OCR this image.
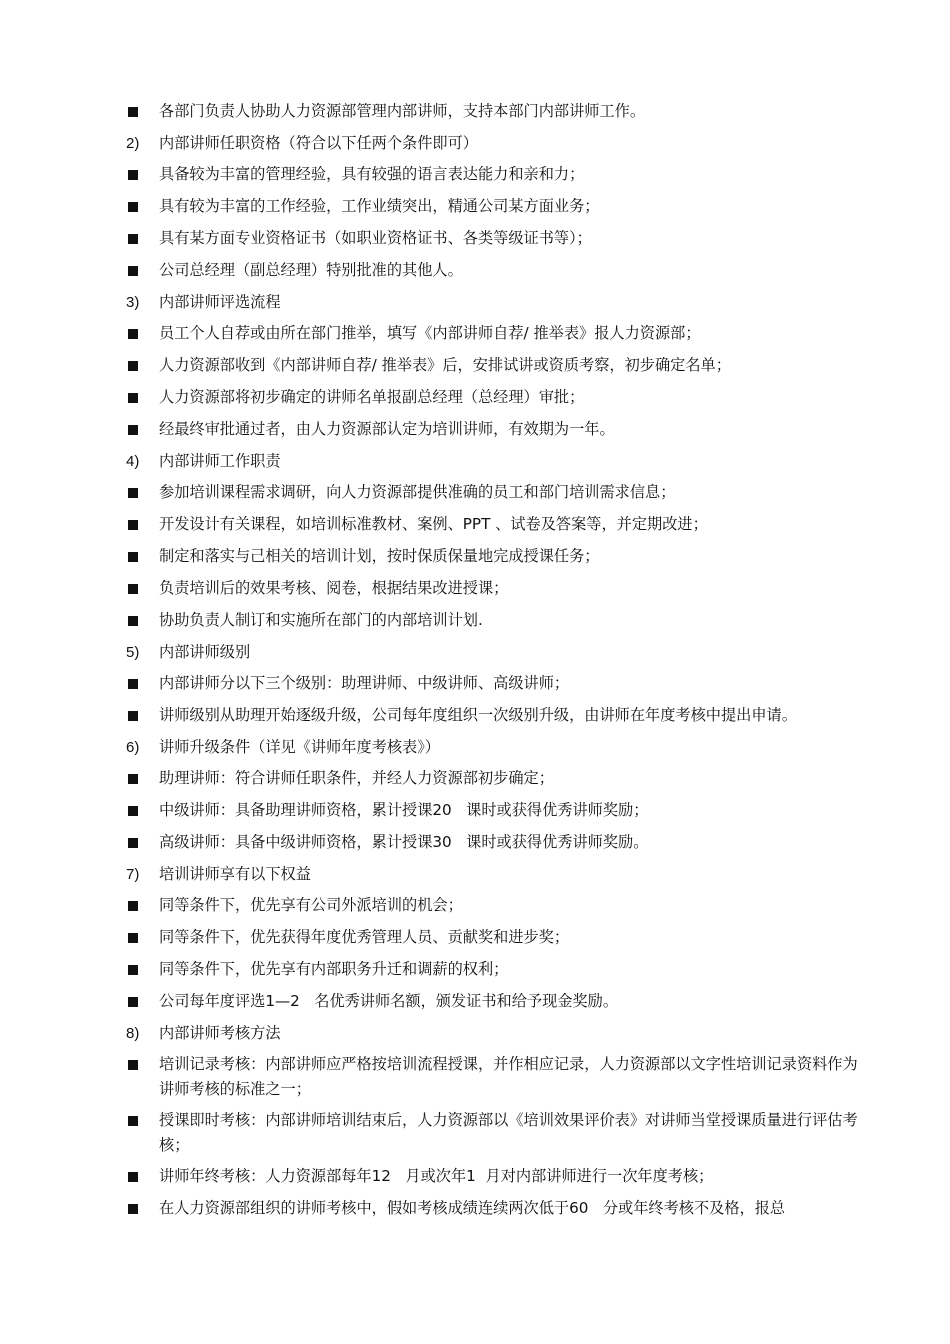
各部门负责人协助人力资源部管理内部讲师，支持本部门内部讲师工作。
2)	内部讲师任职资格（符合以下任两个条件即可）
具备较为丰富的管理经验，具有较强的语言表达能力和亲和力；
具有较为丰富的工作经验，工作业绩突出，精通公司某方面业务；
具有某方面专业资格证书（如职业资格证书、各类等级证书等）；
公司总经理（副总经理）特别批准的其他人。
3)	内部讲师评选流程
员工个人自荐或由所在部门推举，填写《内部讲师自荐/ 推举表》报人力资源部；
人力资源部收到《内部讲师自荐/ 推举表》后，安排试讲或资质考察，初步确定名单；
人力资源部将初步确定的讲师名单报副总经理（总经理）审批；
经最终审批通过者，由人力资源部认定为培训讲师，有效期为一年。
4)	内部讲师工作职责
参加培训课程需求调研，向人力资源部提供准确的员工和部门培训需求信息；
开发设计有关课程，如培训标准教材、案例、PPT 、试卷及答案等，并定期改进；
制定和落实与己相关的培训计划，按时保质保量地完成授课任务；
负责培训后的效果考核、阅卷，根据结果改进授课；
协助负责人制订和实施所在部门的内部培训计划.
5)	内部讲师级别
内部讲师分以下三个级别：助理讲师、中级讲师、高级讲师；
讲师级别从助理开始逐级升级，公司每年度组织一次级别升级，由讲师在年度考核中提出申请。
6)	讲师升级条件（详见《讲师年度考核表》）
助理讲师：符合讲师任职条件，并经人力资源部初步确定；
中级讲师：具备助理讲师资格，累计授课20   课时或获得优秀讲师奖励；
高级讲师：具备中级讲师资格，累计授课30   课时或获得优秀讲师奖励。
7)	培训讲师享有以下权益
同等条件下，优先享有公司外派培训的机会；
同等条件下，优先获得年度优秀管理人员、贡献奖和进步奖；
同等条件下，优先享有内部职务升迁和调薪的权利；
公司每年度评选1—2   名优秀讲师名额，颁发证书和给予现金奖励。
8)	内部讲师考核方法
培训记录考核：内部讲师应严格按培训流程授课，并作相应记录，人力资源部以文字性培训记录资料作为讲师考核的标准之一；
授课即时考核：内部讲师培训结束后，人力资源部以《培训效果评价表》对讲师当堂授课质量进行评估考核；
讲师年终考核：人力资源部每年12   月或次年1  月对内部讲师进行一次年度考核；
在人力资源部组织的讲师考核中，假如考核成绩连续两次低于60   分或年终考核不及格，报总
